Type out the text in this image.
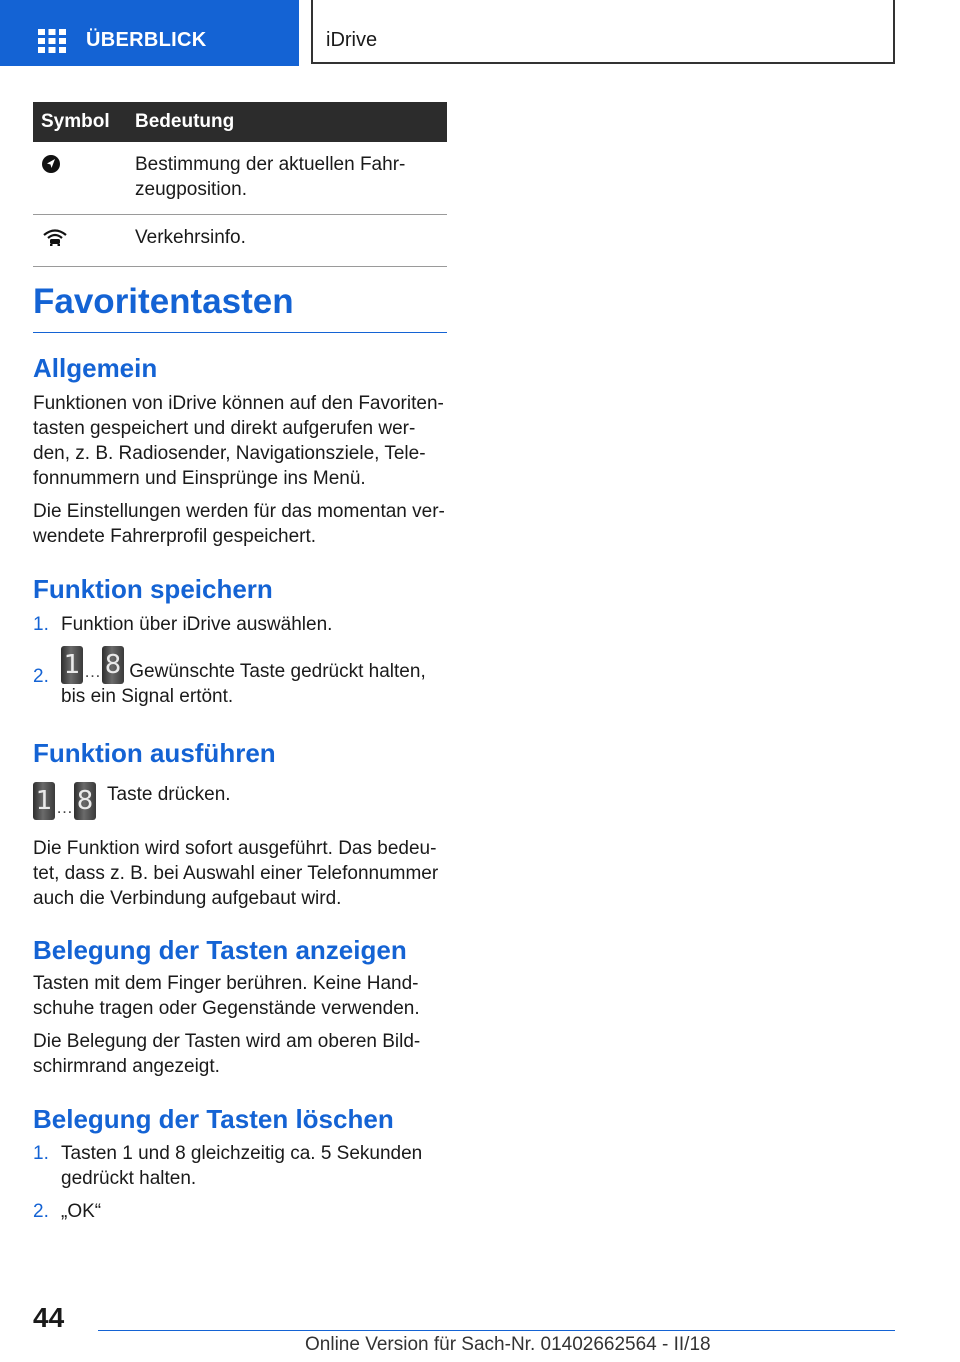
ÜBERBLICK	iDrive
Symbol	Bedeutung
	Bestimmung der aktuellen Fahr-zeugposition.
	Verkehrsinfo.
Favoritentasten
Allgemein

Funktionen von iDrive können auf den Favoriten-tasten gespeichert und direkt aufgerufen wer-den, z. B. Radiosender, Navigationsziele, Tele-fonnummern und Einsprünge ins Menü.

Die Einstellungen werden für das momentan ver-wendete Fahrerprofil gespeichert.

Funktion speichern
1. Funktion über iDrive auswählen.
2. 1 … 8 Gewünschte Taste gedrückt halten, bis ein Signal ertönt.
Funktion ausführen
1 … 8 Taste drücken.

Die Funktion wird sofort ausgeführt. Das bedeu-tet, dass z. B. bei Auswahl einer Telefonnummer auch die Verbindung aufgebaut wird.

Belegung der Tasten anzeigen

Tasten mit dem Finger berühren. Keine Hand-schuhe tragen oder Gegenstände verwenden.

Die Belegung der Tasten wird am oberen Bild-schirmrand angezeigt.

Belegung der Tasten löschen
1. Tasten 1 und 8 gleichzeitig ca. 5 Sekunden gedrückt halten.
2. „OK“
44
Online Version für Sach-Nr. 01402662564 - II/18
